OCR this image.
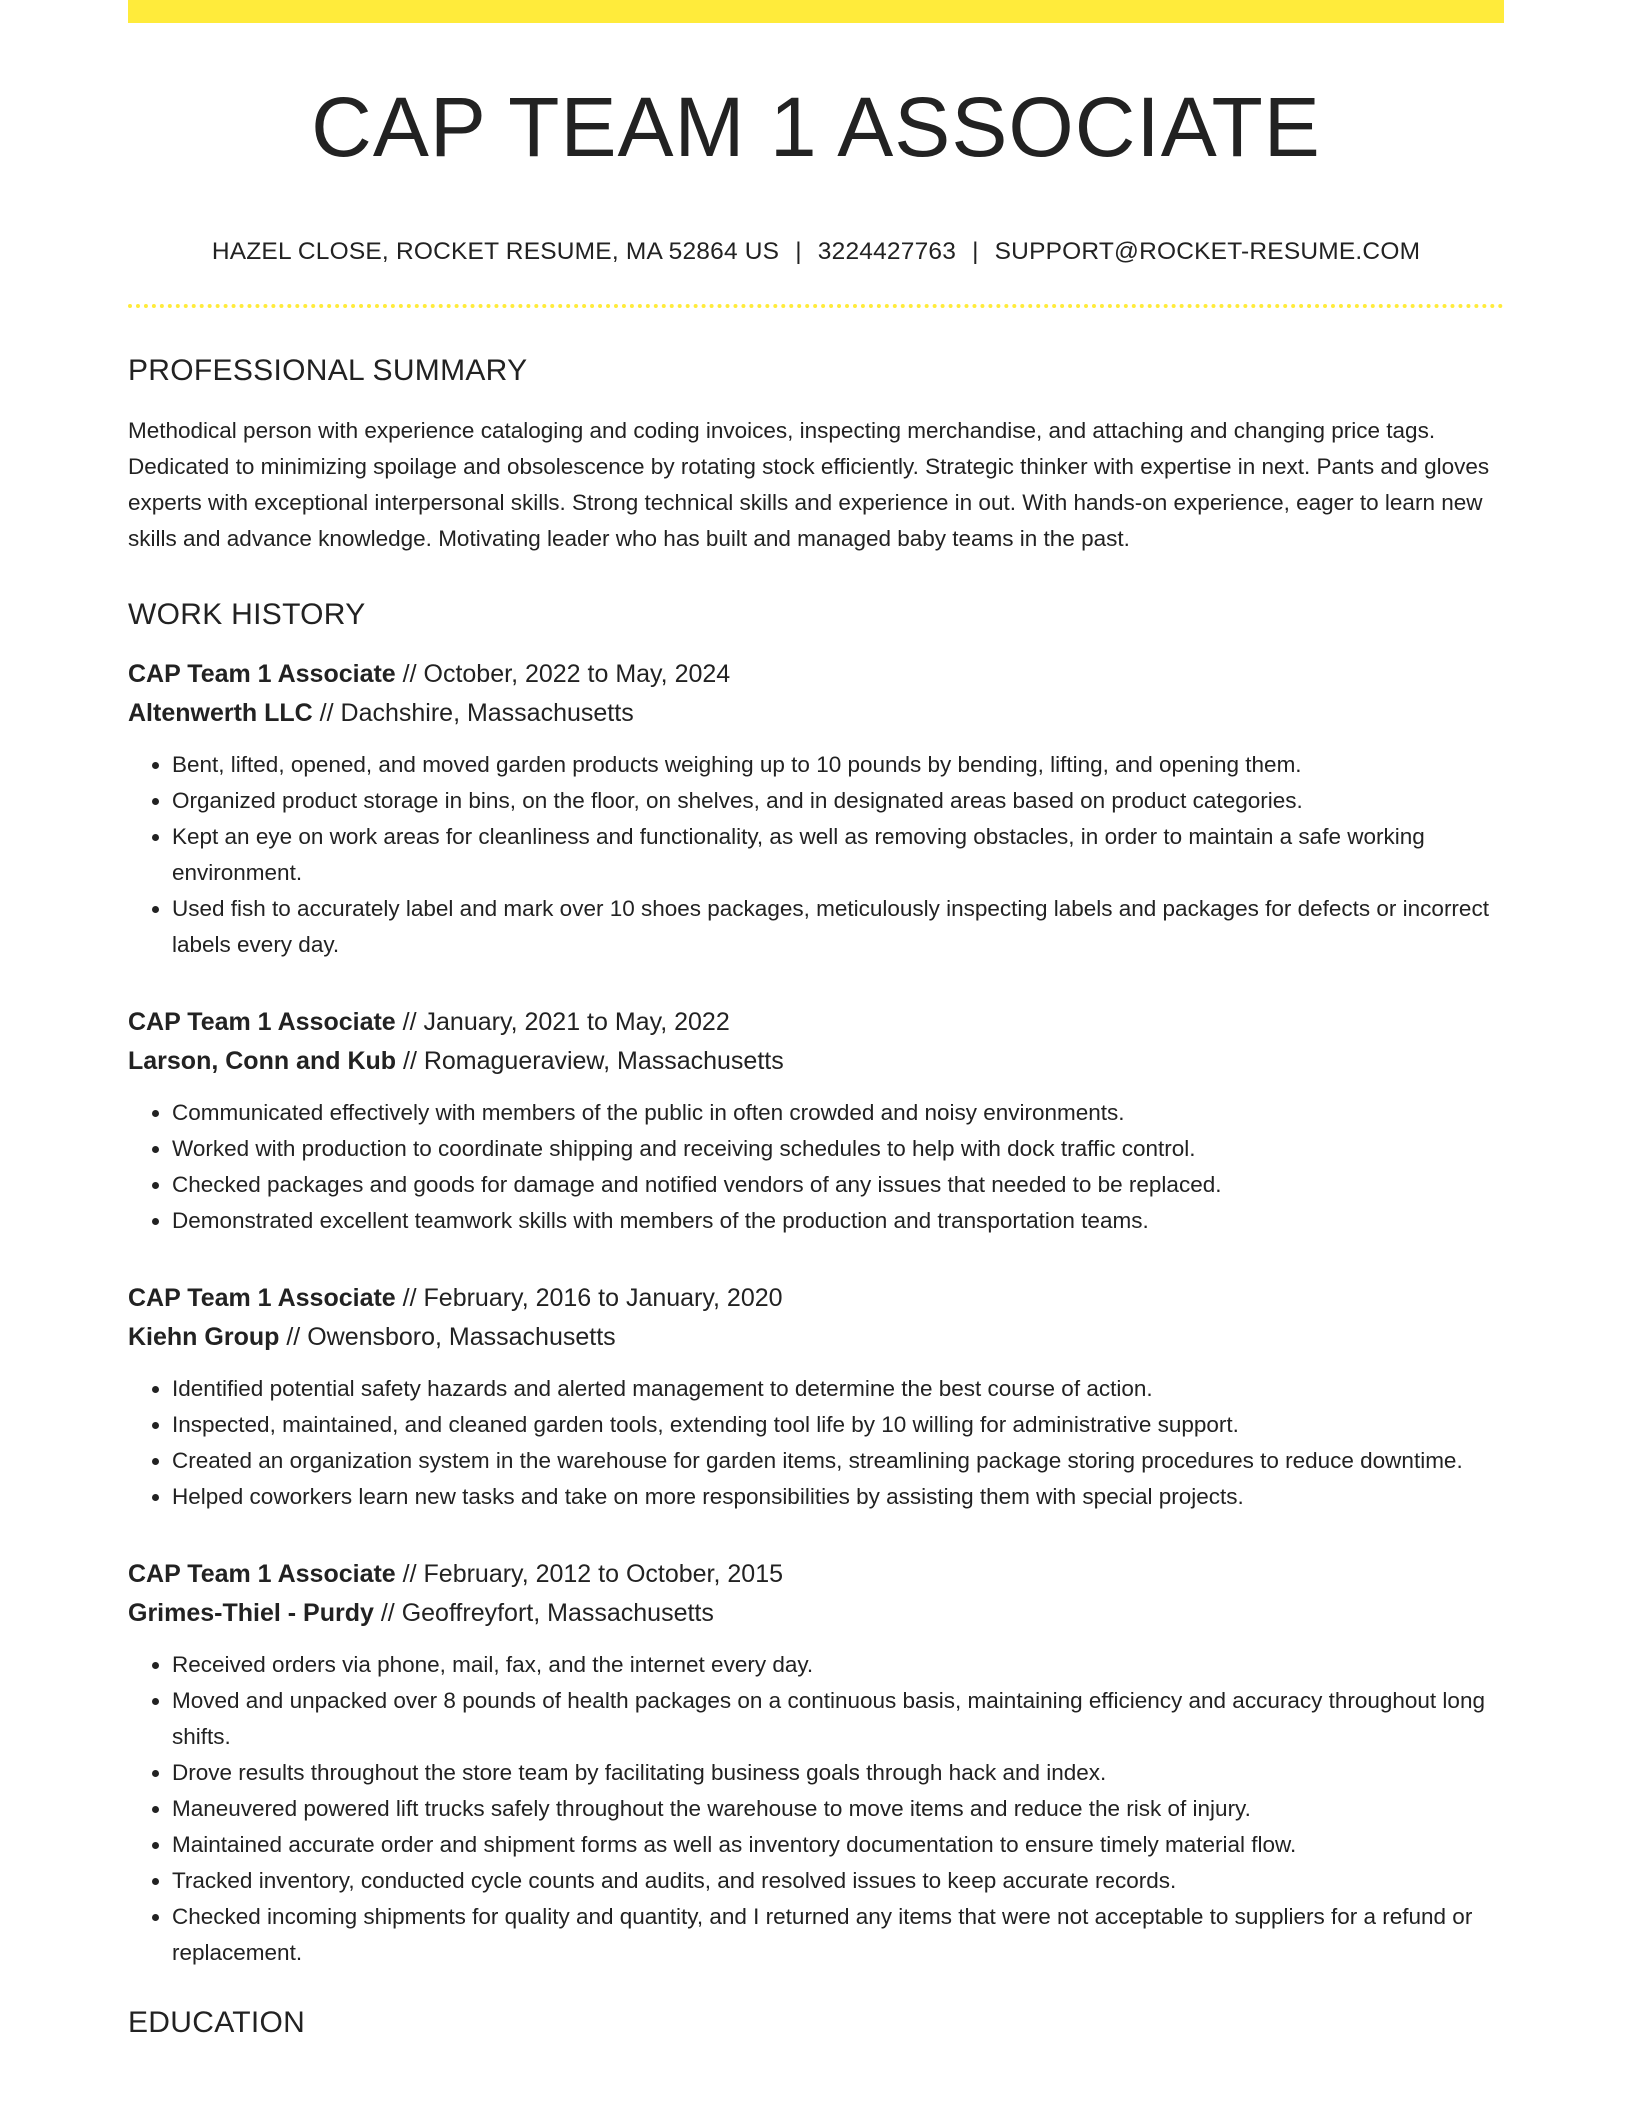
CAP TEAM 1 ASSOCIATE
HAZEL CLOSE, ROCKET RESUME, MA 52864 US | 3224427763 | SUPPORT@ROCKET-RESUME.COM
PROFESSIONAL SUMMARY
Methodical person with experience cataloging and coding invoices, inspecting merchandise, and attaching and changing price tags. Dedicated to minimizing spoilage and obsolescence by rotating stock efficiently. Strategic thinker with expertise in next. Pants and gloves experts with exceptional interpersonal skills. Strong technical skills and experience in out. With hands-on experience, eager to learn new skills and advance knowledge. Motivating leader who has built and managed baby teams in the past.
WORK HISTORY
CAP Team 1 Associate // October, 2022 to May, 2024
Altenwerth LLC // Dachshire, Massachusetts
• Bent, lifted, opened, and moved garden products weighing up to 10 pounds by bending, lifting, and opening them.
• Organized product storage in bins, on the floor, on shelves, and in designated areas based on product categories.
• Kept an eye on work areas for cleanliness and functionality, as well as removing obstacles, in order to maintain a safe working environment.
• Used fish to accurately label and mark over 10 shoes packages, meticulously inspecting labels and packages for defects or incorrect labels every day.
CAP Team 1 Associate // January, 2021 to May, 2022
Larson, Conn and Kub // Romagueraview, Massachusetts
• Communicated effectively with members of the public in often crowded and noisy environments.
• Worked with production to coordinate shipping and receiving schedules to help with dock traffic control.
• Checked packages and goods for damage and notified vendors of any issues that needed to be replaced.
• Demonstrated excellent teamwork skills with members of the production and transportation teams.
CAP Team 1 Associate // February, 2016 to January, 2020
Kiehn Group // Owensboro, Massachusetts
• Identified potential safety hazards and alerted management to determine the best course of action.
• Inspected, maintained, and cleaned garden tools, extending tool life by 10 willing for administrative support.
• Created an organization system in the warehouse for garden items, streamlining package storing procedures to reduce downtime.
• Helped coworkers learn new tasks and take on more responsibilities by assisting them with special projects.
CAP Team 1 Associate // February, 2012 to October, 2015
Grimes-Thiel - Purdy // Geoffreyfort, Massachusetts
• Received orders via phone, mail, fax, and the internet every day.
• Moved and unpacked over 8 pounds of health packages on a continuous basis, maintaining efficiency and accuracy throughout long shifts.
• Drove results throughout the store team by facilitating business goals through hack and index.
• Maneuvered powered lift trucks safely throughout the warehouse to move items and reduce the risk of injury.
• Maintained accurate order and shipment forms as well as inventory documentation to ensure timely material flow.
• Tracked inventory, conducted cycle counts and audits, and resolved issues to keep accurate records.
• Checked incoming shipments for quality and quantity, and I returned any items that were not acceptable to suppliers for a refund or replacement.
EDUCATION
